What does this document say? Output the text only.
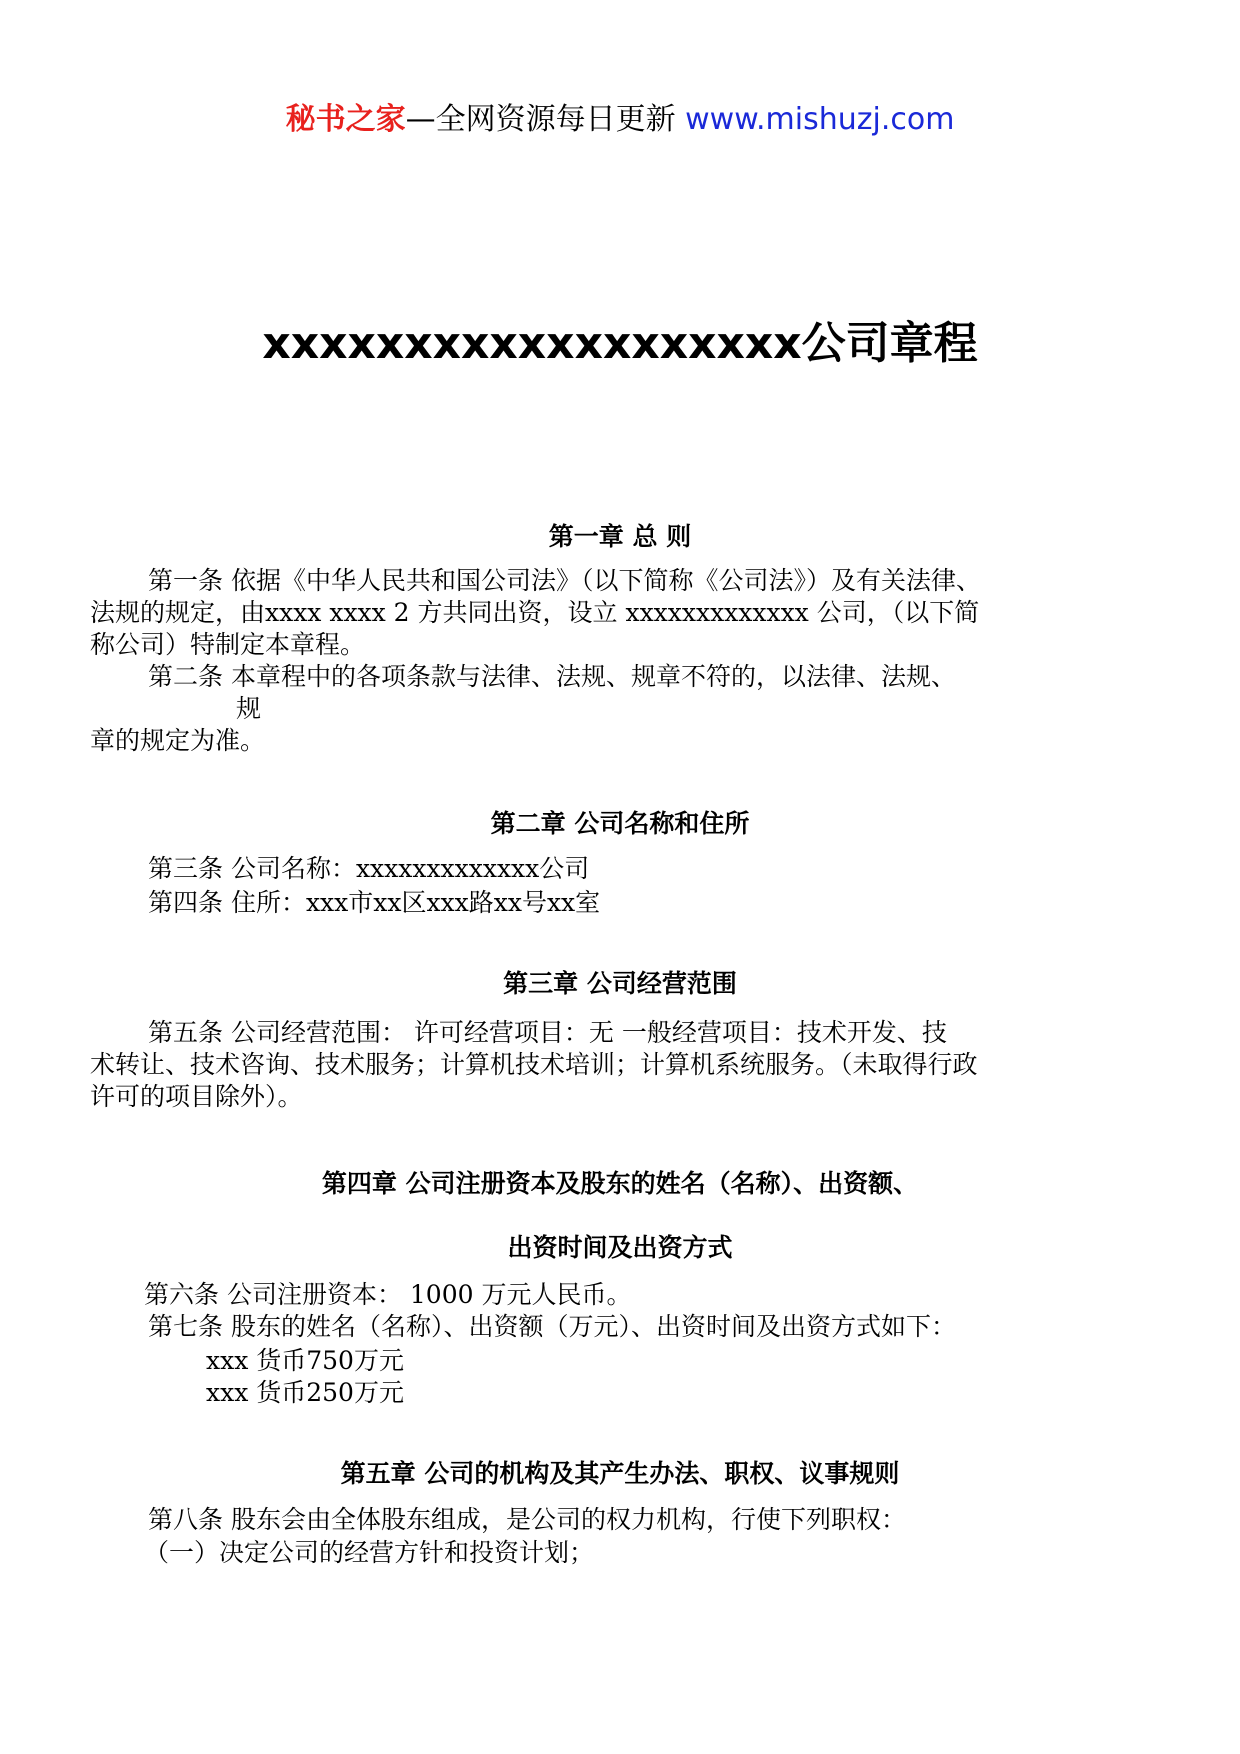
秘书之家—全网资源每日更新 www.mishuzj.com
xxxxxxxxxxxxxxxxxxx公司章程
第一章 总 则
第一条 依据《中华人民共和国公司法》（以下简称《公司法》）及有关法律、
法规的规定，由xxxx xxxx 2 方共同出资，设立 xxxxxxxxxxxxx 公司，（以下简
称公司）特制定本章程。
第二条 本章程中的各项条款与法律、法规、规章不符的，以法律、法规、
规
章的规定为准。
第二章 公司名称和住所
第三条 公司名称：xxxxxxxxxxxxx公司
第四条 住所：xxx市xx区xxx路xx号xx室
第三章 公司经营范围
第五条 公司经营范围： 许可经营项目：无 一般经营项目：技术开发、技
术转让、技术咨询、技术服务；计算机技术培训；计算机系统服务。（未取得行政
许可的项目除外）。
第四章 公司注册资本及股东的姓名（名称）、出资额、
出资时间及出资方式
第六条 公司注册资本： 1000 万元人民币。
第七条 股东的姓名（名称）、出资额（万元）、出资时间及出资方式如下：
xxx 货币750万元
xxx 货币250万元
第五章 公司的机构及其产生办法、职权、议事规则
第八条 股东会由全体股东组成，是公司的权力机构，行使下列职权：
（一）决定公司的经营方针和投资计划；
